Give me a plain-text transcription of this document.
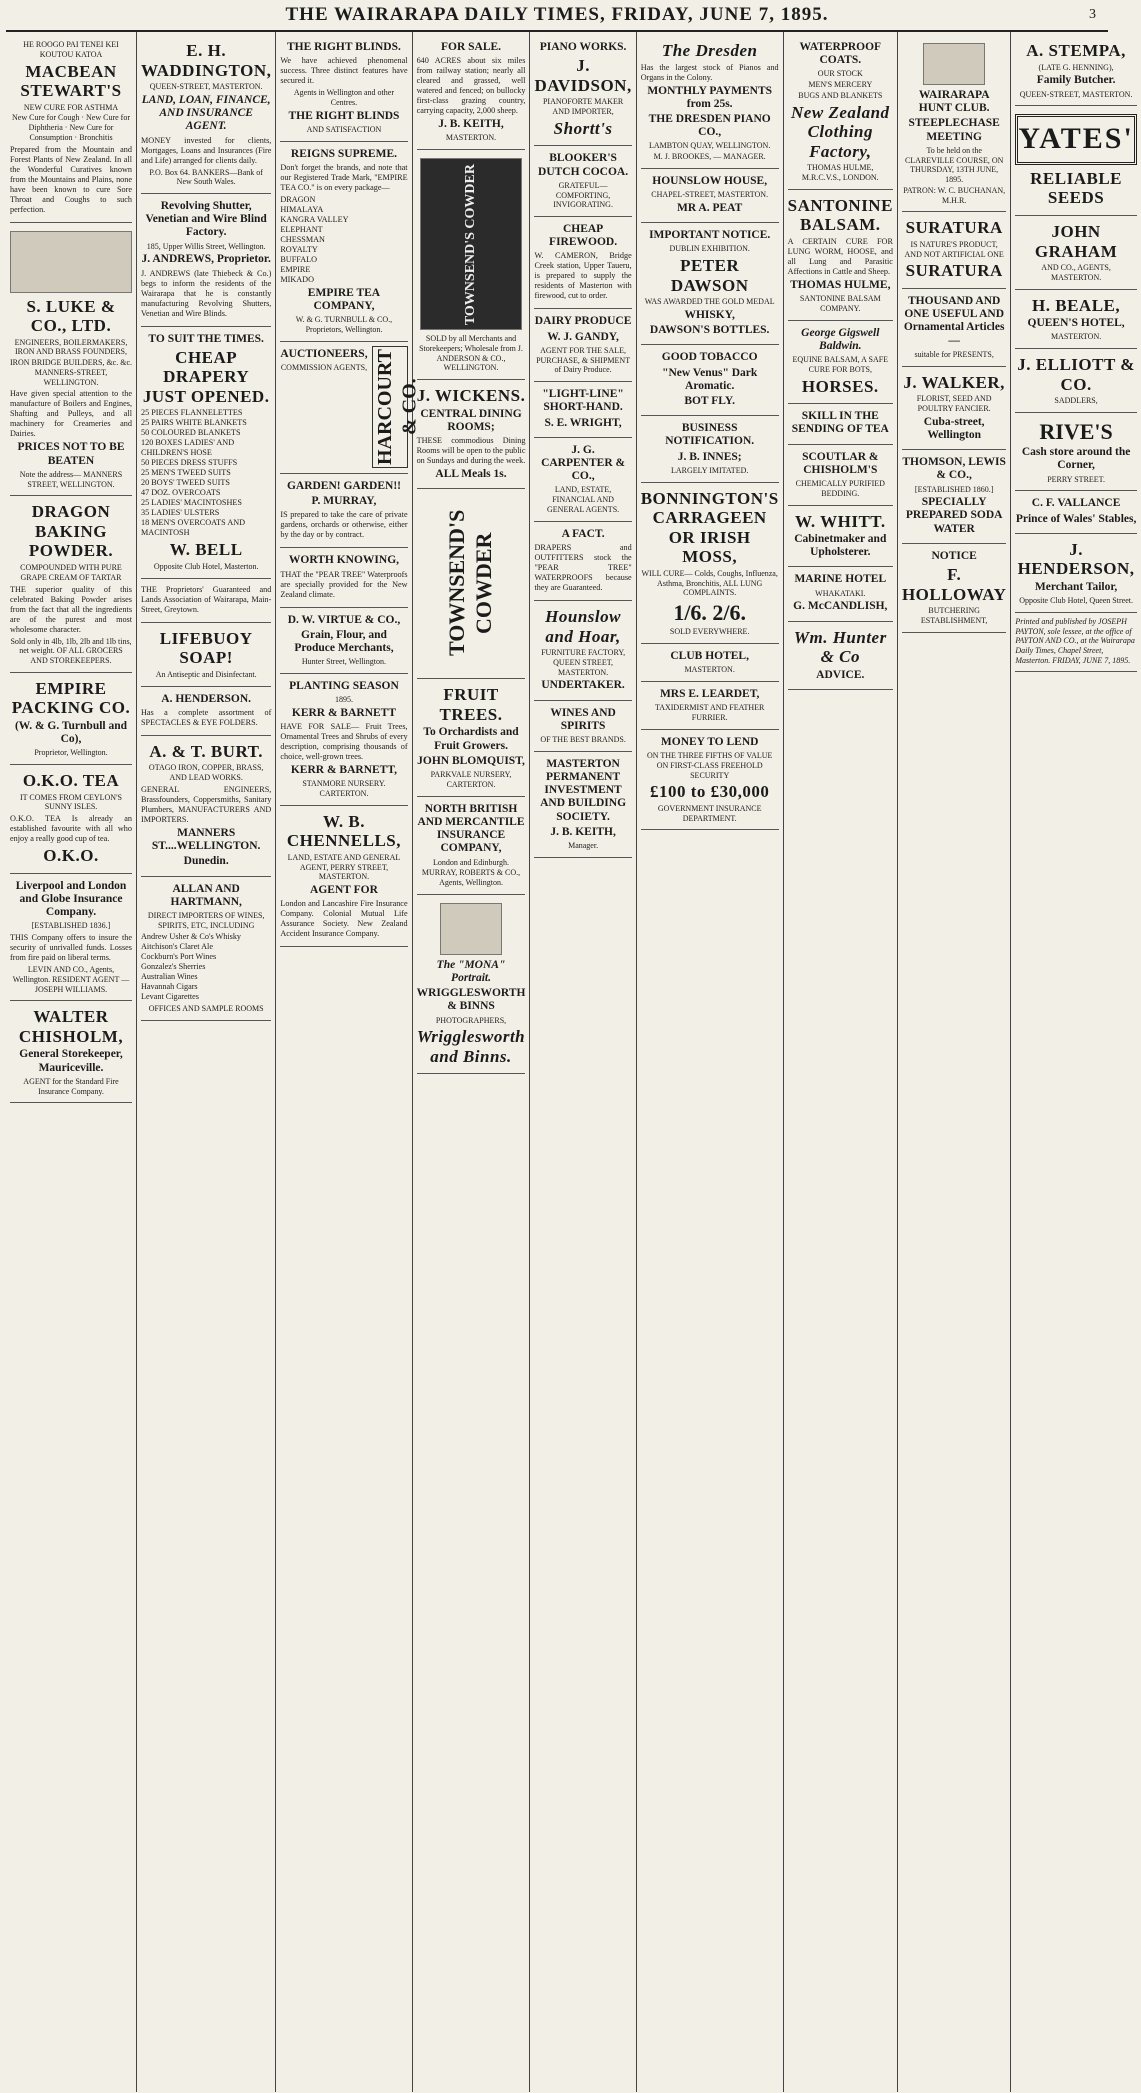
THE WAIRARAPA DAILY TIMES, FRIDAY, JUNE 7, 1895.	3
HE ROOGO PAI TENEI KEI KOUTOU KATOA
MACBEAN STEWART'S
NEW CURE FOR ASTHMA
New Cure for Cough · New Cure for Diphtheria · New Cure for Consumption · Bronchitis
Prepared from the Mountain and Forest Plants of New Zealand. In all the Wonderful Curatives known from the Mountains and Plains, none have been known to cure Sore Throat and Coughs to such perfection.
S. LUKE & CO., LTD.
ENGINEERS, BOILERMAKERS, IRON AND BRASS FOUNDERS,
IRON BRIDGE BUILDERS, &c. &c. MANNERS-STREET, WELLINGTON.
Have given special attention to the manufacture of Boilers and Engines, Shafting and Pulleys, and all machinery for Creameries and Dairies.
PRICES NOT TO BE BEATEN
Note the address— MANNERS STREET, WELLINGTON.
DRAGON BAKING POWDER.
COMPOUNDED WITH PURE GRAPE CREAM OF TARTAR
THE superior quality of this celebrated Baking Powder arises from the fact that all the ingredients are of the purest and most wholesome character.
Sold only in 4lb, 1lb, 2lb and 1lb tins, net weight. OF ALL GROCERS AND STOREKEEPERS.
EMPIRE PACKING CO.
(W. & G. Turnbull and Co),
Proprietor, Wellington.
O.K.O. TEA
IT COMES FROM CEYLON'S SUNNY ISLES.
O.K.O. TEA Is already an established favourite with all who enjoy a really good cup of tea.
O.K.O.
Liverpool and London and Globe Insurance Company.
[ESTABLISHED 1836.]
THIS Company offers to insure the security of unrivalled funds. Losses from fire paid on liberal terms.
LEVIN AND CO., Agents, Wellington. RESIDENT AGENT — JOSEPH WILLIAMS.
WALTER CHISHOLM,
General Storekeeper, Mauriceville.
AGENT for the Standard Fire Insurance Company.
E. H. WADDINGTON,
QUEEN-STREET, MASTERTON.
LAND, LOAN, FINANCE, AND INSURANCE AGENT.
MONEY invested for clients, Mortgages, Loans and Insurances (Fire and Life) arranged for clients daily.
P.O. Box 64. BANKERS—Bank of New South Wales.
Revolving Shutter, Venetian and Wire Blind Factory.
185, Upper Willis Street, Wellington.
J. ANDREWS, Proprietor.
J. ANDREWS (late Thiebeck & Co.) begs to inform the residents of the Wairarapa that he is constantly manufacturing Revolving Shutters, Venetian and Wire Blinds.
TO SUIT THE TIMES.
CHEAP DRAPERY JUST OPENED.
25 PIECES FLANNELETTES
25 PAIRS WHITE BLANKETS
50 COLOURED BLANKETS
120 BOXES LADIES' AND CHILDREN'S HOSE
50 PIECES DRESS STUFFS
25 MEN'S TWEED SUITS
20 BOYS' TWEED SUITS
47 DOZ. OVERCOATS
25 LADIES' MACINTOSHES
35 LADIES' ULSTERS
18 MEN'S OVERCOATS AND MACINTOSH
W. BELL
Opposite Club Hotel, Masterton.
THE Proprietors' Guaranteed and Lands Association of Wairarapa, Main-Street, Greytown.
LIFEBUOY SOAP!
An Antiseptic and Disinfectant.
A. HENDERSON.
Has a complete assortment of SPECTACLES & EYE FOLDERS.
A. & T. BURT.
OTAGO IRON, COPPER, BRASS, AND LEAD WORKS.
GENERAL ENGINEERS, Brassfounders, Coppersmiths, Sanitary Plumbers, MANUFACTURERS AND IMPORTERS.
MANNERS ST....WELLINGTON.
Dunedin.
ALLAN AND HARTMANN,
DIRECT IMPORTERS OF WINES, SPIRITS, ETC, INCLUDING
Andrew Usher & Co's Whisky
Aitchison's Claret Ale
Cockburn's Port Wines
Gonzalez's Sherries
Australian Wines
Havannah Cigars
Levant Cigarettes
OFFICES AND SAMPLE ROOMS
THE RIGHT BLINDS.
We have achieved phenomenal success. Three distinct features have secured it.
Agents in Wellington and other Centres.
THE RIGHT BLINDS
AND SATISFACTION
REIGNS SUPREME.
Don't forget the brands, and note that our Registered Trade Mark, "EMPIRE TEA CO." is on every package—
DRAGON
HIMALAYA
KANGRA VALLEY
ELEPHANT
CHESSMAN
ROYALTY
BUFFALO
EMPIRE
MIKADO
EMPIRE TEA COMPANY,
W. & G. TURNBULL & CO., Proprietors, Wellington.
AUCTIONEERS,
COMMISSION AGENTS, HARCOURT & CO.
GARDEN! GARDEN!!
P. MURRAY,
IS prepared to take the care of private gardens, orchards or otherwise, either by the day or by contract.
WORTH KNOWING,
THAT the "PEAR TREE" Waterproofs are specially provided for the New Zealand climate.
D. W. VIRTUE & CO.,
Grain, Flour, and Produce Merchants,
Hunter Street, Wellington.
PLANTING SEASON
1895.
KERR & BARNETT
HAVE FOR SALE— Fruit Trees, Ornamental Trees and Shrubs of every description, comprising thousands of choice, well-grown trees.
KERR & BARNETT,
STANMORE NURSERY. CARTERTON.
W. B. CHENNELLS,
LAND, ESTATE AND GENERAL AGENT, PERRY STREET, MASTERTON.
AGENT FOR
London and Lancashire Fire Insurance Company. Colonial Mutual Life Assurance Society. New Zealand Accident Insurance Company.
FOR SALE.
640 ACRES about six miles from railway station; nearly all cleared and grassed, well watered and fenced; on bullocky first-class grazing country, carrying capacity, 2,000 sheep.
J. B. KEITH,
MASTERTON.
TOWNSEND'S COWDER
SOLD by all Merchants and Storekeepers; Wholesale from J. ANDERSON & CO., WELLINGTON.
J. WICKENS.
CENTRAL DINING ROOMS;
THESE commodious Dining Rooms will be open to the public on Sundays and during the week.
ALL Meals 1s.
TOWNSEND'S COWDER
FRUIT TREES.
To Orchardists and Fruit Growers.
JOHN BLOMQUIST,
PARKVALE NURSERY, CARTERTON.
NORTH BRITISH AND MERCANTILE INSURANCE COMPANY,
London and Edinburgh.
MURRAY, ROBERTS & CO., Agents, Wellington.
The "MONA" Portrait.
WRIGGLESWORTH & BINNS
PHOTOGRAPHERS,
Wrigglesworth and Binns.
PIANO WORKS.
J. DAVIDSON,
PIANOFORTE MAKER AND IMPORTER,
Shortt's
BLOOKER'S DUTCH COCOA.
GRATEFUL—COMFORTING, INVIGORATING.
CHEAP FIREWOOD.
W. CAMERON, Bridge Creek station, Upper Taueru, is prepared to supply the residents of Masterton with firewood, cut to order.
DAIRY PRODUCE
W. J. GANDY,
AGENT FOR THE SALE, PURCHASE, & SHIPMENT of Dairy Produce.
"LIGHT-LINE" SHORT-HAND.
S. E. WRIGHT,
J. G. CARPENTER & CO.,
LAND, ESTATE, FINANCIAL AND GENERAL AGENTS.
A FACT.
DRAPERS and OUTFITTERS stock the "PEAR TREE" WATERPROOFS because they are Guaranteed.
Hounslow and Hoar,
FURNITURE FACTORY, QUEEN STREET, MASTERTON.
UNDERTAKER.
WINES AND SPIRITS
OF THE BEST BRANDS.
MASTERTON PERMANENT INVESTMENT AND BUILDING SOCIETY.
J. B. KEITH,
Manager.
The Dresden
Has the largest stock of Pianos and Organs in the Colony.
MONTHLY PAYMENTS from 25s.
THE DRESDEN PIANO CO.,
LAMBTON QUAY, WELLINGTON.
M. J. BROOKES, — MANAGER.
HOUNSLOW HOUSE,
CHAPEL-STREET, MASTERTON.
MR A. PEAT
IMPORTANT NOTICE.
DUBLIN EXHIBITION.
PETER DAWSON
WAS AWARDED THE GOLD MEDAL
WHISKY,
DAWSON'S BOTTLES.
GOOD TOBACCO
"New Venus" Dark Aromatic.
BOT FLY.
BUSINESS NOTIFICATION.
J. B. INNES;
LARGELY IMITATED.
BONNINGTON'S CARRAGEEN OR IRISH MOSS,
WILL CURE— Colds, Coughs, Influenza, Asthma, Bronchitis, ALL LUNG COMPLAINTS.
1/6. 2/6.
SOLD EVERYWHERE.
CLUB HOTEL,
MASTERTON.
MRS E. LEARDET,
TAXIDERMIST AND FEATHER FURRIER.
MONEY TO LEND
ON THE THREE FIFTHS OF VALUE ON FIRST-CLASS FREEHOLD SECURITY
£100 to £30,000
GOVERNMENT INSURANCE DEPARTMENT.
WATERPROOF COATS.
OUR STOCK
MEN'S MERCERY
BUGS AND BLANKETS
New Zealand Clothing Factory,
THOMAS HULME, M.R.C.V.S., LONDON.
SANTONINE BALSAM.
A CERTAIN CURE FOR LUNG WORM, HOOSE, and all Lung and Parasitic Affections in Cattle and Sheep.
THOMAS HULME,
SANTONINE BALSAM COMPANY.
George Gigswell Baldwin.
EQUINE BALSAM, A SAFE CURE FOR BOTS,
HORSES.
SKILL IN THE SENDING OF TEA
SCOUTLAR & CHISHOLM'S
CHEMICALLY PURIFIED BEDDING.
W. WHITT.
Cabinetmaker and Upholsterer.
MARINE HOTEL
WHAKATAKI.
G. McCANDLISH,
Wm. Hunter & Co
ADVICE.
WAIRARAPA HUNT CLUB.
STEEPLECHASE MEETING
To be held on the CLAREVILLE COURSE, ON THURSDAY, 13TH JUNE, 1895.
PATRON: W. C. BUCHANAN, M.H.R.
SURATURA
IS NATURE'S PRODUCT, AND NOT ARTIFICIAL ONE
SURATURA
THOUSAND AND ONE USEFUL AND Ornamental Articles—
suitable for PRESENTS,
J. WALKER,
FLORIST, SEED AND POULTRY FANCIER.
Cuba-street, Wellington
THOMSON, LEWIS & CO.,
[ESTABLISHED 1860.]
SPECIALLY PREPARED SODA WATER
NOTICE
F. HOLLOWAY
BUTCHERING ESTABLISHMENT,
A. STEMPA,
(LATE G. HENNING),
Family Butcher.
QUEEN-STREET, MASTERTON.
YATES'
RELIABLE SEEDS
JOHN GRAHAM
AND CO., AGENTS, MASTERTON.
H. BEALE,
QUEEN'S HOTEL,
MASTERTON.
J. ELLIOTT & CO.
SADDLERS,
RIVE'S
Cash store around the Corner,
PERRY STREET.
C. F. VALLANCE
Prince of Wales' Stables,
J. HENDERSON,
Merchant Tailor,
Opposite Club Hotel, Queen Street.
Printed and published by JOSEPH PAYTON, sole lessee, at the office of PAYTON AND CO., at the Wairarapa Daily Times, Chapel Street, Masterton. FRIDAY, JUNE 7, 1895.
